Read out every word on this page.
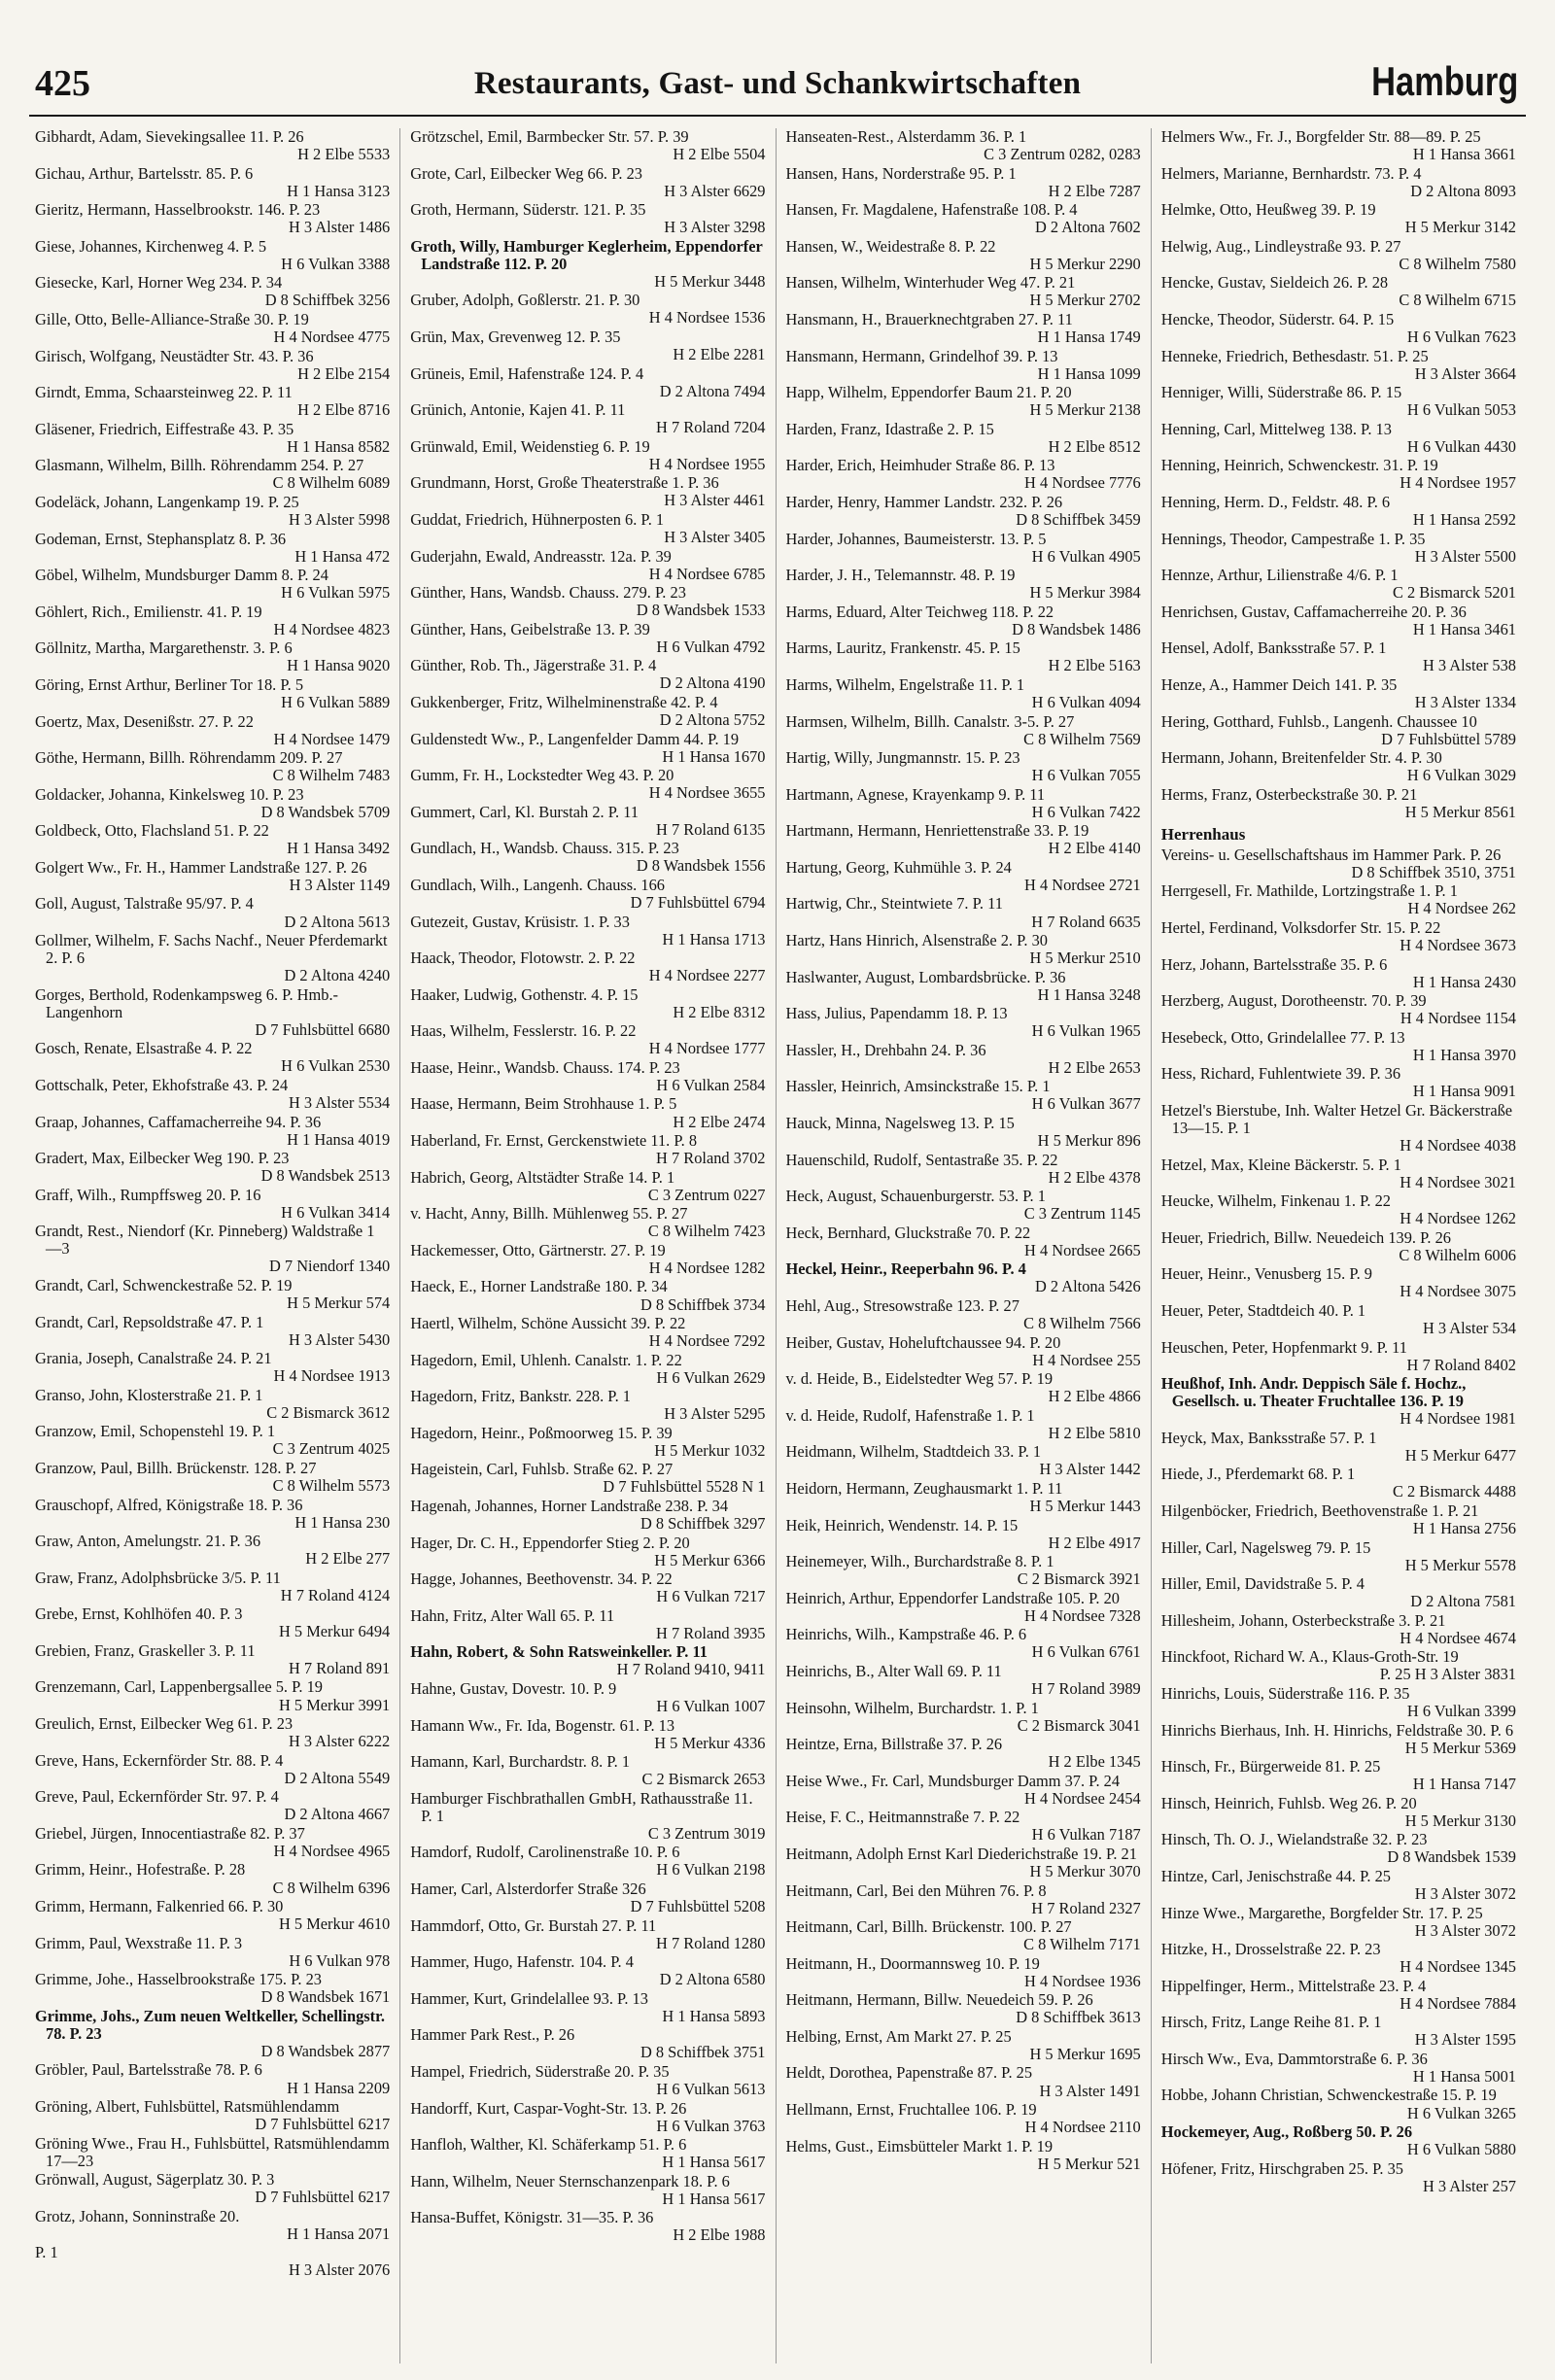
425	Restaurants, Gast- und Schankwirtschaften	Hamburg
Gibhardt, Adam, Sievekingsallee 11. P. 26
H 2 Elbe 5533
Gichau, Arthur, Bartelsstr. 85. P. 6
H 1 Hansa 3123
Gieritz, Hermann, Hasselbrookstr. 146. P. 23
H 3 Alster 1486
Giese, Johannes, Kirchenweg 4. P. 5
H 6 Vulkan 3388
Giesecke, Karl, Horner Weg 234. P. 34
D 8 Schiffbek 3256
Gille, Otto, Belle-Alliance-Straße 30. P. 19
H 4 Nordsee 4775
Girisch, Wolfgang, Neustädter Str. 43. P. 36
H 2 Elbe 2154
Girndt, Emma, Schaarsteinweg 22. P. 11
H 2 Elbe 8716
Gläsener, Friedrich, Eiffestraße 43. P. 35
H 1 Hansa 8582
Glasmann, Wilhelm, Billh. Röhrendamm 254. P. 27
C 8 Wilhelm 6089
Godeläck, Johann, Langenkamp 19. P. 25
H 3 Alster 5998
Godeman, Ernst, Stephansplatz 8. P. 36
H 1 Hansa 472
Göbel, Wilhelm, Mundsburger Damm 8. P. 24
H 6 Vulkan 5975
Göhlert, Rich., Emilienstr. 41. P. 19
H 4 Nordsee 4823
Göllnitz, Martha, Margarethenstr. 3. P. 6
H 1 Hansa 9020
Göring, Ernst Arthur, Berliner Tor 18. P. 5
H 6 Vulkan 5889
Goertz, Max, Desenißstr. 27. P. 22
H 4 Nordsee 1479
Göthe, Hermann, Billh. Röhrendamm 209. P. 27
C 8 Wilhelm 7483
Goldacker, Johanna, Kinkelsweg 10. P. 23
D 8 Wandsbek 5709
Goldbeck, Otto, Flachsland 51. P. 22
H 1 Hansa 3492
Golgert Ww., Fr. H., Hammer Landstraße 127. P. 26
H 3 Alster 1149
Goll, August, Talstraße 95/97. P. 4
D 2 Altona 5613
Gollmer, Wilhelm, F. Sachs Nachf., Neuer Pferdemarkt 2. P. 6
D 2 Altona 4240
Gorges, Berthold, Rodenkampsweg 6. P. Hmb.-Langenhorn
D 7 Fuhlsbüttel 6680
Gosch, Renate, Elsastraße 4. P. 22
H 6 Vulkan 2530
Gottschalk, Peter, Ekhofstraße 43. P. 24
H 3 Alster 5534
Graap, Johannes, Caffamacherreihe 94. P. 36
H 1 Hansa 4019
Gradert, Max, Eilbecker Weg 190. P. 23
D 8 Wandsbek 2513
Graff, Wilh., Rumpffsweg 20. P. 16
H 6 Vulkan 3414
Grandt, Rest., Niendorf (Kr. Pinneberg) Waldstraße 1—3
D 7 Niendorf 1340
Grandt, Carl, Schwenckestraße 52. P. 19
H 5 Merkur 574
Grandt, Carl, Repsoldstraße 47. P. 1
H 3 Alster 5430
Grania, Joseph, Canalstraße 24. P. 21
H 4 Nordsee 1913
Granso, John, Klosterstraße 21. P. 1
C 2 Bismarck 3612
Granzow, Emil, Schopenstehl 19. P. 1
C 3 Zentrum 4025
Granzow, Paul, Billh. Brückenstr. 128. P. 27
C 8 Wilhelm 5573
Grauschopf, Alfred, Königstraße 18. P. 36
H 1 Hansa 230
Graw, Anton, Amelungstr. 21. P. 36
H 2 Elbe 277
Graw, Franz, Adolphsbrücke 3/5. P. 11
H 7 Roland 4124
Grebe, Ernst, Kohlhöfen 40. P. 3
H 5 Merkur 6494
Grebien, Franz, Graskeller 3. P. 11
H 7 Roland 891
Grenzemann, Carl, Lappenbergsallee 5. P. 19
H 5 Merkur 3991
Greulich, Ernst, Eilbecker Weg 61. P. 23
H 3 Alster 6222
Greve, Hans, Eckernförder Str. 88. P. 4
D 2 Altona 5549
Greve, Paul, Eckernförder Str. 97. P. 4
D 2 Altona 4667
Griebel, Jürgen, Innocentiastraße 82. P. 37
H 4 Nordsee 4965
Grimm, Heinr., Hofestraße. P. 28
C 8 Wilhelm 6396
Grimm, Hermann, Falkenried 66. P. 30
H 5 Merkur 4610
Grimm, Paul, Wexstraße 11. P. 3
H 6 Vulkan 978
Grimme, Johe., Hasselbrookstraße 175. P. 23
D 8 Wandsbek 1671
Grimme, Johs., Zum neuen Weltkeller, Schellingstr. 78. P. 23
D 8 Wandsbek 2877
Gröbler, Paul, Bartelsstraße 78. P. 6
H 1 Hansa 2209
Gröning, Albert, Fuhlsbüttel, Ratsmühlendamm
D 7 Fuhlsbüttel 6217
Gröning Wwe., Frau H., Fuhlsbüttel, Ratsmühlendamm 17—23
Grönwall, August, Sägerplatz 30. P. 3
D 7 Fuhlsbüttel 6217
Grotz, Johann, Sonninstraße 20.
H 1 Hansa 2071
P. 1
H 3 Alster 2076
Grötzschel, Emil, Barmbecker Str. 57. P. 39
H 2 Elbe 5504
Grote, Carl, Eilbecker Weg 66. P. 23
H 3 Alster 6629
Groth, Hermann, Süderstr. 121. P. 35
H 3 Alster 3298
Groth, Willy, Hamburger Keglerheim, Eppendorfer Landstraße 112. P. 20
H 5 Merkur 3448
Gruber, Adolph, Goßlerstr. 21. P. 30
H 4 Nordsee 1536
Grün, Max, Grevenweg 12. P. 35
H 2 Elbe 2281
Grüneis, Emil, Hafenstraße 124. P. 4
D 2 Altona 7494
Grünich, Antonie, Kajen 41. P. 11
H 7 Roland 7204
Grünwald, Emil, Weidenstieg 6. P. 19
H 4 Nordsee 1955
Grundmann, Horst, Große Theaterstraße 1. P. 36
H 3 Alster 4461
Guddat, Friedrich, Hühnerposten 6. P. 1
H 3 Alster 3405
Guderjahn, Ewald, Andreasstr. 12a. P. 39
H 4 Nordsee 6785
Günther, Hans, Wandsb. Chauss. 279. P. 23
D 8 Wandsbek 1533
Günther, Hans, Geibelstraße 13. P. 39
H 6 Vulkan 4792
Günther, Rob. Th., Jägerstraße 31. P. 4
D 2 Altona 4190
Gukkenberger, Fritz, Wilhelminenstraße 42. P. 4
D 2 Altona 5752
Guldenstedt Ww., P., Langenfelder Damm 44. P. 19
H 1 Hansa 1670
Gumm, Fr. H., Lockstedter Weg 43. P. 20
H 4 Nordsee 3655
Gummert, Carl, Kl. Burstah 2. P. 11
H 7 Roland 6135
Gundlach, H., Wandsb. Chauss. 315. P. 23
D 8 Wandsbek 1556
Gundlach, Wilh., Langenh. Chauss. 166
D 7 Fuhlsbüttel 6794
Gutezeit, Gustav, Krüsistr. 1. P. 33
H 1 Hansa 1713
Haack, Theodor, Flotowstr. 2. P. 22
H 4 Nordsee 2277
Haaker, Ludwig, Gothenstr. 4. P. 15
H 2 Elbe 8312
Haas, Wilhelm, Fesslerstr. 16. P. 22
H 4 Nordsee 1777
Haase, Heinr., Wandsb. Chauss. 174. P. 23
H 6 Vulkan 2584
Haase, Hermann, Beim Strohhause 1. P. 5
H 2 Elbe 2474
Haberland, Fr. Ernst, Gerckenstwiete 11. P. 8
H 7 Roland 3702
Habrich, Georg, Altstädter Straße 14. P. 1
C 3 Zentrum 0227
v. Hacht, Anny, Billh. Mühlenweg 55. P. 27
C 8 Wilhelm 7423
Hackemesser, Otto, Gärtnerstr. 27. P. 19
H 4 Nordsee 1282
Haeck, E., Horner Landstraße 180. P. 34
D 8 Schiffbek 3734
Haertl, Wilhelm, Schöne Aussicht 39. P. 22
H 4 Nordsee 7292
Hagedorn, Emil, Uhlenh. Canalstr. 1. P. 22
H 6 Vulkan 2629
Hagedorn, Fritz, Bankstr. 228. P. 1
H 3 Alster 5295
Hagedorn, Heinr., Poßmoorweg 15. P. 39
H 5 Merkur 1032
Hageistein, Carl, Fuhlsb. Straße 62. P. 27
D 7 Fuhlsbüttel 5528 N 1
Hagenah, Johannes, Horner Landstraße 238. P. 34
D 8 Schiffbek 3297
Hager, Dr. C. H., Eppendorfer Stieg 2. P. 20
H 5 Merkur 6366
Hagge, Johannes, Beethovenstr. 34. P. 22
H 6 Vulkan 7217
Hahn, Fritz, Alter Wall 65. P. 11
H 7 Roland 3935
Hahn, Robert, & Sohn Ratsweinkeller. P. 11
H 7 Roland 9410, 9411
Hahne, Gustav, Dovestr. 10. P. 9
H 6 Vulkan 1007
Hamann Ww., Fr. Ida, Bogenstr. 61. P. 13
H 5 Merkur 4336
Hamann, Karl, Burchardstr. 8. P. 1
C 2 Bismarck 2653
Hamburger Fischbrathallen GmbH, Rathausstraße 11. P. 1
C 3 Zentrum 3019
Hamdorf, Rudolf, Carolinenstraße 10. P. 6
H 6 Vulkan 2198
Hamer, Carl, Alsterdorfer Straße 326
D 7 Fuhlsbüttel 5208
Hammdorf, Otto, Gr. Burstah 27. P. 11
H 7 Roland 1280
Hammer, Hugo, Hafenstr. 104. P. 4
D 2 Altona 6580
Hammer, Kurt, Grindelallee 93. P. 13
H 1 Hansa 5893
Hammer Park Rest., P. 26
D 8 Schiffbek 3751
Hampel, Friedrich, Süderstraße 20. P. 35
H 6 Vulkan 5613
Handorff, Kurt, Caspar-Voght-Str. 13. P. 26
H 6 Vulkan 3763
Hanfloh, Walther, Kl. Schäferkamp 51. P. 6
H 1 Hansa 5617
Hann, Wilhelm, Neuer Sternschanzenpark 18. P. 6
H 1 Hansa 5617
Hansa-Buffet, Königstr. 31—35. P. 36
H 2 Elbe 1988
Hanseaten-Rest., Alsterdamm 36. P. 1
C 3 Zentrum 0282, 0283
Hansen, Hans, Norderstraße 95. P. 1
H 2 Elbe 7287
Hansen, Fr. Magdalene, Hafenstraße 108. P. 4
D 2 Altona 7602
Hansen, W., Weidestraße 8. P. 22
H 5 Merkur 2290
Hansen, Wilhelm, Winterhuder Weg 47. P. 21
H 5 Merkur 2702
Hansmann, H., Brauerknechtgraben 27. P. 11
H 1 Hansa 1749
Hansmann, Hermann, Grindelhof 39. P. 13
H 1 Hansa 1099
Happ, Wilhelm, Eppendorfer Baum 21. P. 20
H 5 Merkur 2138
Harden, Franz, Idastraße 2. P. 15
H 2 Elbe 8512
Harder, Erich, Heimhuder Straße 86. P. 13
H 4 Nordsee 7776
Harder, Henry, Hammer Landstr. 232. P. 26
D 8 Schiffbek 3459
Harder, Johannes, Baumeisterstr. 13. P. 5
H 6 Vulkan 4905
Harder, J. H., Telemannstr. 48. P. 19
H 5 Merkur 3984
Harms, Eduard, Alter Teichweg 118. P. 22
D 8 Wandsbek 1486
Harms, Lauritz, Frankenstr. 45. P. 15
H 2 Elbe 5163
Harms, Wilhelm, Engelstraße 11. P. 1
H 6 Vulkan 4094
Harmsen, Wilhelm, Billh. Canalstr. 3-5. P. 27
C 8 Wilhelm 7569
Hartig, Willy, Jungmannstr. 15. P. 23
H 6 Vulkan 7055
Hartmann, Agnese, Krayenkamp 9. P. 11
H 6 Vulkan 7422
Hartmann, Hermann, Henriettenstraße 33. P. 19
H 2 Elbe 4140
Hartung, Georg, Kuhmühle 3. P. 24
H 4 Nordsee 2721
Hartwig, Chr., Steintwiete 7. P. 11
H 7 Roland 6635
Hartz, Hans Hinrich, Alsenstraße 2. P. 30
H 5 Merkur 2510
Haslwanter, August, Lombardsbrücke. P. 36
H 1 Hansa 3248
Hass, Julius, Papendamm 18. P. 13
H 6 Vulkan 1965
Hassler, H., Drehbahn 24. P. 36
H 2 Elbe 2653
Hassler, Heinrich, Amsinckstraße 15. P. 1
H 6 Vulkan 3677
Hauck, Minna, Nagelsweg 13. P. 15
H 5 Merkur 896
Hauenschild, Rudolf, Sentastraße 35. P. 22
H 2 Elbe 4378
Heck, August, Schauenburgerstr. 53. P. 1
C 3 Zentrum 1145
Heck, Bernhard, Gluckstraße 70. P. 22
H 4 Nordsee 2665
Heckel, Heinr., Reeperbahn 96. P. 4
D 2 Altona 5426
Hehl, Aug., Stresowstraße 123. P. 27
C 8 Wilhelm 7566
Heiber, Gustav, Hoheluftchaussee 94. P. 20
H 4 Nordsee 255
v. d. Heide, B., Eidelstedter Weg 57. P. 19
H 2 Elbe 4866
v. d. Heide, Rudolf, Hafenstraße 1. P. 1
H 2 Elbe 5810
Heidmann, Wilhelm, Stadtdeich 33. P. 1
H 3 Alster 1442
Heidorn, Hermann, Zeughausmarkt 1. P. 11
H 5 Merkur 1443
Heik, Heinrich, Wendenstr. 14. P. 15
H 2 Elbe 4917
Heinemeyer, Wilh., Burchardstraße 8. P. 1
C 2 Bismarck 3921
Heinrich, Arthur, Eppendorfer Landstraße 105. P. 20
H 4 Nordsee 7328
Heinrichs, Wilh., Kampstraße 46. P. 6
H 6 Vulkan 6761
Heinrichs, B., Alter Wall 69. P. 11
H 7 Roland 3989
Heinsohn, Wilhelm, Burchardstr. 1. P. 1
C 2 Bismarck 3041
Heintze, Erna, Billstraße 37. P. 26
H 2 Elbe 1345
Heise Wwe., Fr. Carl, Mundsburger Damm 37. P. 24
H 4 Nordsee 2454
Heise, F. C., Heitmannstraße 7. P. 22
H 6 Vulkan 7187
Heitmann, Adolph Ernst Karl Diederichstraße 19. P. 21
H 5 Merkur 3070
Heitmann, Carl, Bei den Mühren 76. P. 8
H 7 Roland 2327
Heitmann, Carl, Billh. Brückenstr. 100. P. 27
C 8 Wilhelm 7171
Heitmann, H., Doormannsweg 10. P. 19
H 4 Nordsee 1936
Heitmann, Hermann, Billw. Neuedeich 59. P. 26
D 8 Schiffbek 3613
Helbing, Ernst, Am Markt 27. P. 25
H 5 Merkur 1695
Heldt, Dorothea, Papenstraße 87. P. 25
H 3 Alster 1491
Hellmann, Ernst, Fruchtallee 106. P. 19
H 4 Nordsee 2110
Helms, Gust., Eimsbütteler Markt 1. P. 19
H 5 Merkur 521
Helmers Ww., Fr. J., Borgfelder Str. 88—89. P. 25
H 1 Hansa 3661
Helmers, Marianne, Bernhardstr. 73. P. 4
D 2 Altona 8093
Helmke, Otto, Heußweg 39. P. 19
H 5 Merkur 3142
Helwig, Aug., Lindleystraße 93. P. 27
C 8 Wilhelm 7580
Hencke, Gustav, Sieldeich 26. P. 28
C 8 Wilhelm 6715
Hencke, Theodor, Süderstr. 64. P. 15
H 6 Vulkan 7623
Henneke, Friedrich, Bethesdastr. 51. P. 25
H 3 Alster 3664
Henniger, Willi, Süderstraße 86. P. 15
H 6 Vulkan 5053
Henning, Carl, Mittelweg 138. P. 13
H 6 Vulkan 4430
Henning, Heinrich, Schwenckestr. 31. P. 19
H 4 Nordsee 1957
Henning, Herm. D., Feldstr. 48. P. 6
H 1 Hansa 2592
Hennings, Theodor, Campestraße 1. P. 35
H 3 Alster 5500
Hennze, Arthur, Lilienstraße 4/6. P. 1
C 2 Bismarck 5201
Henrichsen, Gustav, Caffamacherreihe 20. P. 36
H 1 Hansa 3461
Hensel, Adolf, Banksstraße 57. P. 1
H 3 Alster 538
Henze, A., Hammer Deich 141. P. 35
H 3 Alster 1334
Hering, Gotthard, Fuhlsb., Langenh. Chaussee 10
D 7 Fuhlsbüttel 5789
Hermann, Johann, Breitenfelder Str. 4. P. 30
H 6 Vulkan 3029
Herms, Franz, Osterbeckstraße 30. P. 21
H 5 Merkur 8561
Herrenhaus
Vereins- u. Gesellschaftshaus im Hammer Park. P. 26
D 8 Schiffbek 3510, 3751
Herrgesell, Fr. Mathilde, Lortzingstraße 1. P. 1
H 4 Nordsee 262
Hertel, Ferdinand, Volksdorfer Str. 15. P. 22
H 4 Nordsee 3673
Herz, Johann, Bartelsstraße 35. P. 6
H 1 Hansa 2430
Herzberg, August, Dorotheenstr. 70. P. 39
H 4 Nordsee 1154
Hesebeck, Otto, Grindelallee 77. P. 13
H 1 Hansa 3970
Hess, Richard, Fuhlentwiete 39. P. 36
H 1 Hansa 9091
Hetzel's Bierstube, Inh. Walter Hetzel Gr. Bäckerstraße 13—15. P. 1
H 4 Nordsee 4038
Hetzel, Max, Kleine Bäckerstr. 5. P. 1
H 4 Nordsee 3021
Heucke, Wilhelm, Finkenau 1. P. 22
H 4 Nordsee 1262
Heuer, Friedrich, Billw. Neuedeich 139. P. 26
C 8 Wilhelm 6006
Heuer, Heinr., Venusberg 15. P. 9
H 4 Nordsee 3075
Heuer, Peter, Stadtdeich 40. P. 1
H 3 Alster 534
Heuschen, Peter, Hopfenmarkt 9. P. 11
H 7 Roland 8402
Heußhof, Inh. Andr. Deppisch Säle f. Hochz., Gesellsch. u. Theater Fruchtallee 136. P. 19
H 4 Nordsee 1981
Heyck, Max, Banksstraße 57. P. 1
H 5 Merkur 6477
Hiede, J., Pferdemarkt 68. P. 1
C 2 Bismarck 4488
Hilgenböcker, Friedrich, Beethovenstraße 1. P. 21
H 1 Hansa 2756
Hiller, Carl, Nagelsweg 79. P. 15
H 5 Merkur 5578
Hiller, Emil, Davidstraße 5. P. 4
D 2 Altona 7581
Hillesheim, Johann, Osterbeckstraße 3. P. 21
H 4 Nordsee 4674
Hinckfoot, Richard W. A., Klaus-Groth-Str. 19
P. 25 H 3 Alster 3831
Hinrichs, Louis, Süderstraße 116. P. 35
H 6 Vulkan 3399
Hinrichs Bierhaus, Inh. H. Hinrichs, Feldstraße 30. P. 6
H 5 Merkur 5369
Hinsch, Fr., Bürgerweide 81. P. 25
H 1 Hansa 7147
Hinsch, Heinrich, Fuhlsb. Weg 26. P. 20
H 5 Merkur 3130
Hinsch, Th. O. J., Wielandstraße 32. P. 23
D 8 Wandsbek 1539
Hintze, Carl, Jenischstraße 44. P. 25
H 3 Alster 3072
Hinze Wwe., Margarethe, Borgfelder Str. 17. P. 25
H 3 Alster 3072
Hitzke, H., Drosselstraße 22. P. 23
H 4 Nordsee 1345
Hippelfinger, Herm., Mittelstraße 23. P. 4
H 4 Nordsee 7884
Hirsch, Fritz, Lange Reihe 81. P. 1
H 3 Alster 1595
Hirsch Ww., Eva, Dammtorstraße 6. P. 36
H 1 Hansa 5001
Hobbe, Johann Christian, Schwenckestraße 15. P. 19
H 6 Vulkan 3265
Hockemeyer, Aug., Roßberg 50. P. 26
H 6 Vulkan 5880
Höfener, Fritz, Hirschgraben 25. P. 35
H 3 Alster 257
